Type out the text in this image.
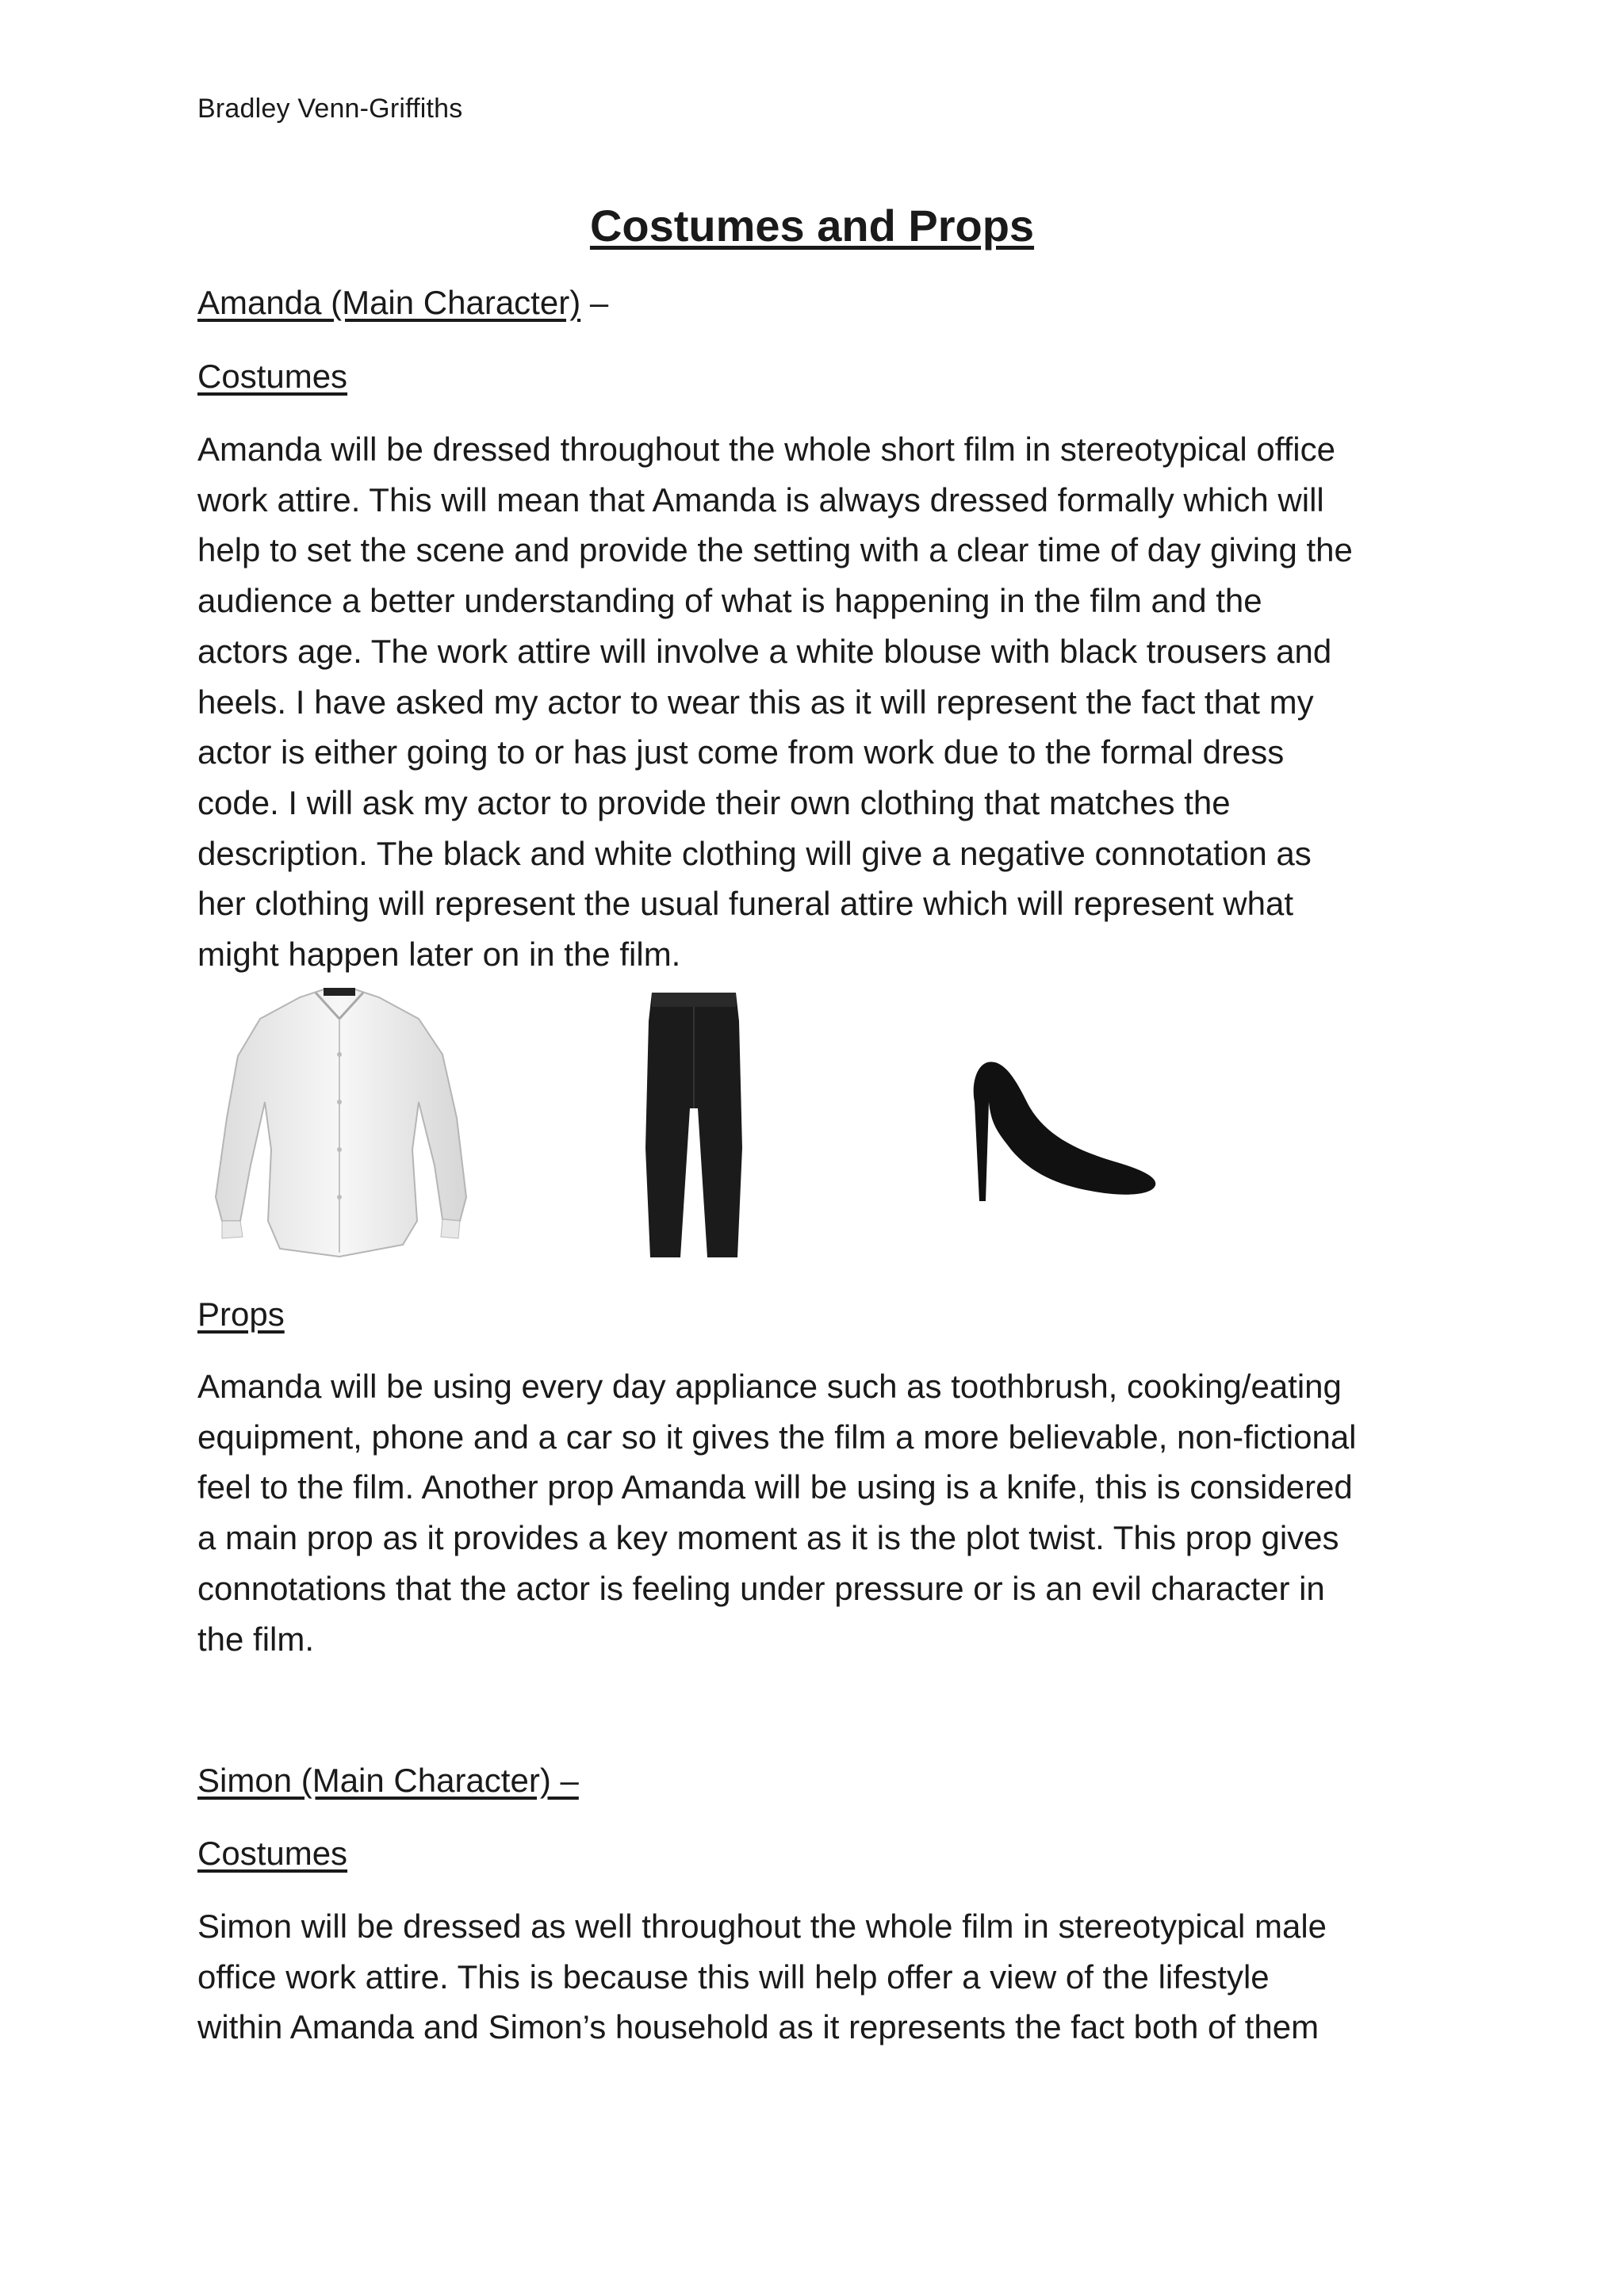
Bradley Venn-Griffiths
Costumes and Props
Amanda (Main Character) –
Costumes
Amanda will be dressed throughout the whole short film in stereotypical office
work attire. This will mean that Amanda is always dressed formally which will
help to set the scene and provide the setting with a clear time of day giving the
audience a better understanding of what is happening in the film and the
actors age. The work attire will involve a white blouse with black trousers and
heels. I have asked my actor to wear this as it will represent the fact that my
actor is either going to or has just come from work due to the formal dress
code. I will ask my actor to provide their own clothing that matches the
description. The black and white clothing will give a negative connotation as
her clothing will represent the usual funeral attire which will represent what
might happen later on in the film.
Props
Amanda will be using every day appliance such as toothbrush, cooking/eating
equipment, phone and a car so it gives the film a more believable, non-fictional
feel to the film. Another prop Amanda will be using is a knife, this is considered
a main prop as it provides a key moment as it is the plot twist. This prop gives
connotations that the actor is feeling under pressure or is an evil character in
the film.
Simon (Main Character) –
Costumes
Simon will be dressed as well throughout the whole film in stereotypical male
office work attire. This is because this will help offer a view of the lifestyle
within Amanda and Simon’s household as it represents the fact both of them
